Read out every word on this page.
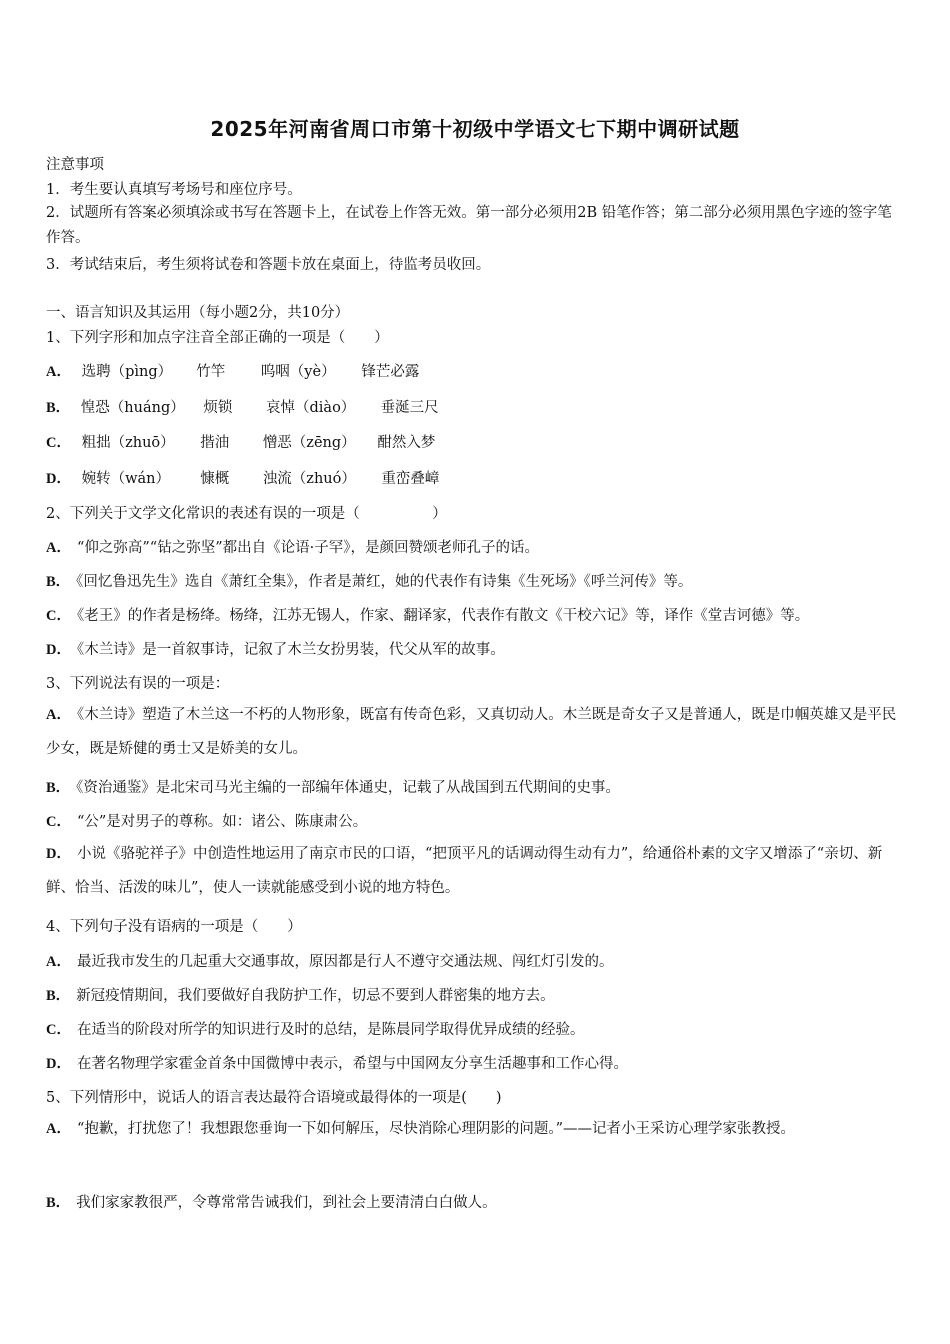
2025年河南省周口市第十初级中学语文七下期中调研试题
注意事项
1．考生要认真填写考场号和座位序号。
2．试题所有答案必须填涂或书写在答题卡上，在试卷上作答无效。第一部分必须用2B 铅笔作答；第二部分必须用黑色字迹的签字笔作答。
3．考试结束后，考生须将试卷和答题卡放在桌面上，待监考员收回。
一、语言知识及其运用（每小题2分，共10分）
1、下列字形和加点字注音全部正确的一项是（　　）
A． 选聘（pìng） 竹竿 呜咽（yè） 锋芒必露
B． 惶恐（huáng） 烦锁 哀悼（diào） 垂涎三尺
C． 粗拙（zhuō） 揩油 憎恶（zēng） 酣然入梦
D． 婉转（wán） 慷概 浊流（zhuó） 重峦叠嶂
2、下列关于文学文化常识的表述有误的一项是（　　　　　）
A． “仰之弥高”“钻之弥坚”都出自《论语·子罕》，是颜回赞颂老师孔子的话。
B． 《回忆鲁迅先生》选自《萧红全集》，作者是萧红，她的代表作有诗集《生死场》《呼兰河传》等。
C． 《老王》的作者是杨绛。杨绛，江苏无锡人，作家、翻译家，代表作有散文《干校六记》等，译作《堂吉诃德》等。
D． 《木兰诗》是一首叙事诗，记叙了木兰女扮男装，代父从军的故事。
3、下列说法有误的一项是：
A． 《木兰诗》塑造了木兰这一不朽的人物形象，既富有传奇色彩，又真切动人。木兰既是奇女子又是普通人，既是巾帼英雄又是平民少女，既是矫健的勇士又是娇美的女儿。
B． 《资治通鉴》是北宋司马光主编的一部编年体通史，记载了从战国到五代期间的史事。
C． “公”是对男子的尊称。如：诸公、陈康肃公。
D． 小说《骆驼祥子》中创造性地运用了南京市民的口语，“把顶平凡的话调动得生动有力”，给通俗朴素的文字又增添了“亲切、新鲜、恰当、活泼的味儿”，使人一读就能感受到小说的地方特色。
4、下列句子没有语病的一项是（　　）
A． 最近我市发生的几起重大交通事故，原因都是行人不遵守交通法规、闯红灯引发的。
B． 新冠疫情期间，我们要做好自我防护工作，切忌不要到人群密集的地方去。
C． 在适当的阶段对所学的知识进行及时的总结，是陈晨同学取得优异成绩的经验。
D． 在著名物理学家霍金首条中国微博中表示，希望与中国网友分享生活趣事和工作心得。
5、下列情形中，说话人的语言表达最符合语境或最得体的一项是(　　)
A． “抱歉，打扰您了！我想跟您垂询一下如何解压，尽快消除心理阴影的问题。”——记者小王采访心理学家张教授。
B． 我们家家教很严，令尊常常告诫我们，到社会上要清清白白做人。
